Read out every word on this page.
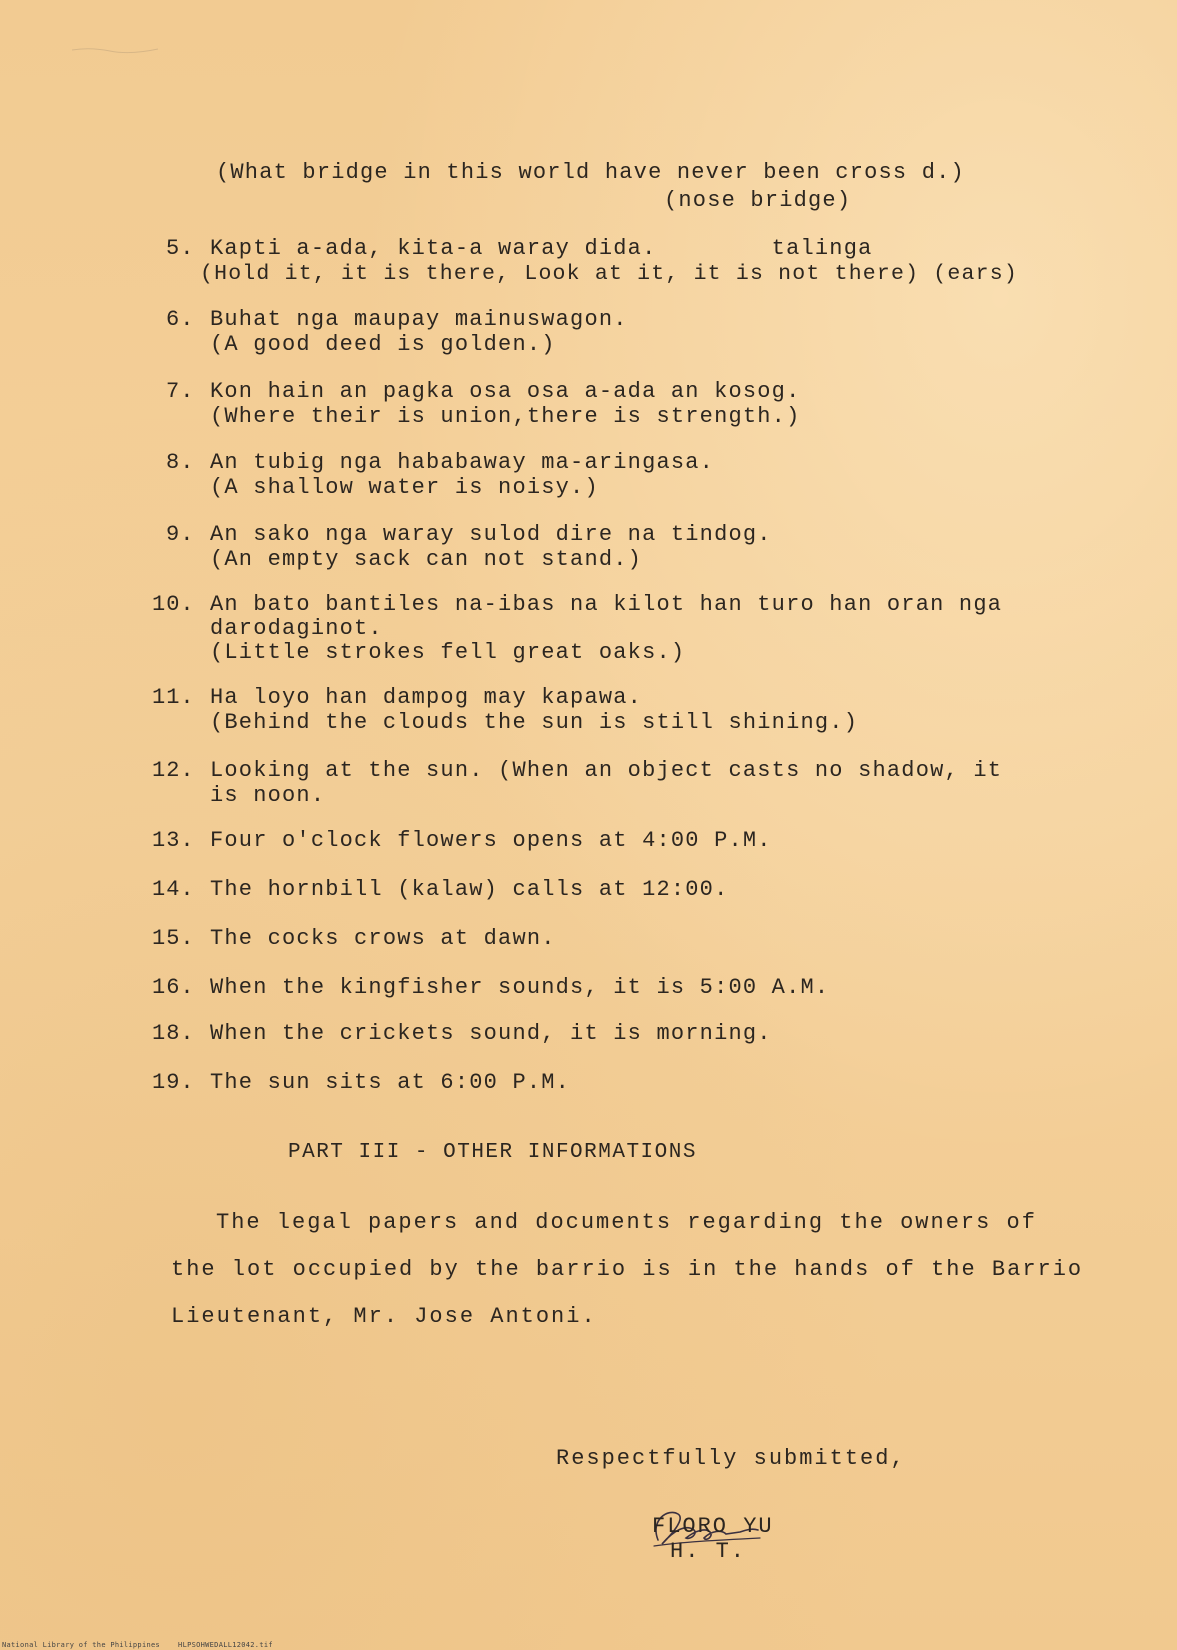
(What bridge in this world have never been cross d.)
(nose bridge)
5. Kapti a-ada, kita-a waray dida.        talinga
(Hold it, it is there, Look at it, it is not there) (ears)
6. Buhat nga maupay mainuswagon.
(A good deed is golden.)
7. Kon hain an pagka osa osa a-ada an kosog.
(Where their is union,there is strength.)
8. An tubig nga hababaway ma-aringasa.
(A shallow water is noisy.)
9. An sako nga waray sulod dire na tindog.
(An empty sack can not stand.)
10. An bato bantiles na-ibas na kilot han turo han oran nga
darodaginot.
(Little strokes fell great oaks.)
11. Ha loyo han dampog may kapawa.
(Behind the clouds the sun is still shining.)
12. Looking at the sun. (When an object casts no shadow, it
is noon.
13. Four o'clock flowers opens at 4:00 P.M.
14. The hornbill (kalaw) calls at 12:00.
15. The cocks crows at dawn.
16. When the kingfisher sounds, it is 5:00 A.M.
18. When the crickets sound, it is morning.
19. The sun sits at 6:00 P.M.
PART III - OTHER INFORMATIONS
The legal papers and documents regarding the owners of
the lot occupied by the barrio is in the hands of the Barrio
Lieutenant, Mr. Jose Antoni.
Respectfully submitted,
FLORO YU
H. T.
National Library of the Philippines    HLPSOHWEDALL12042.tif
